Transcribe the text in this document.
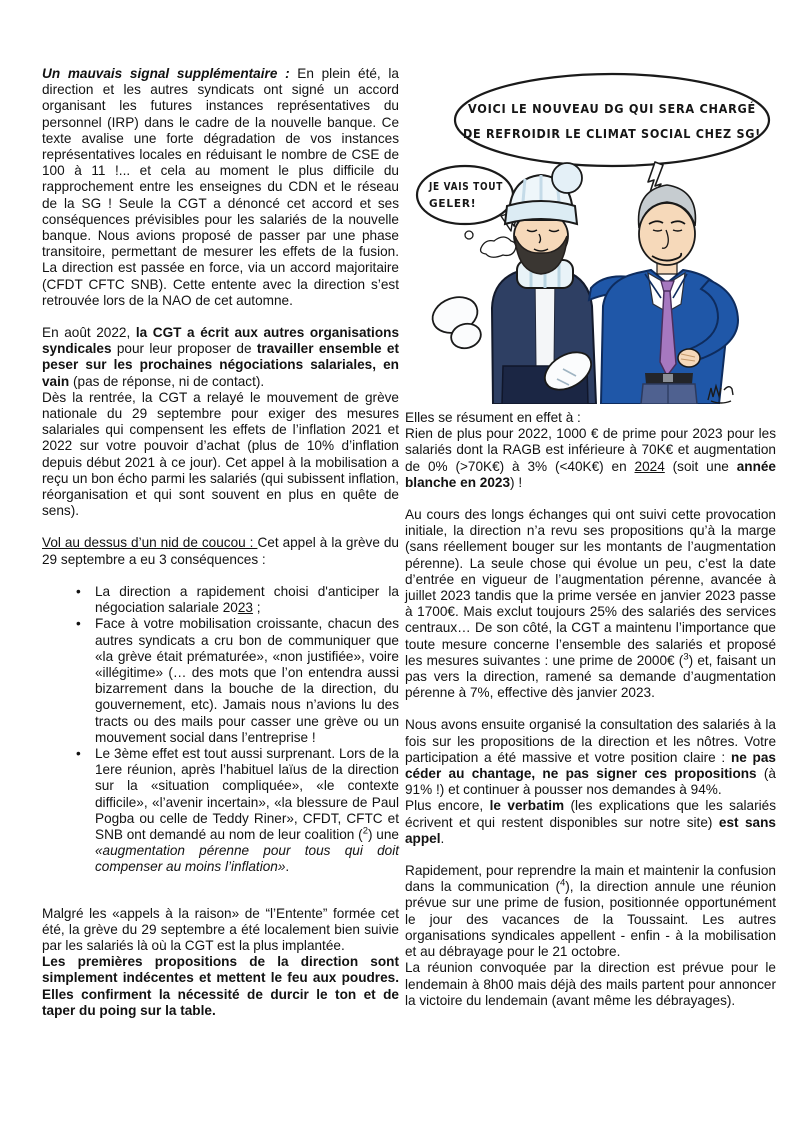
Un mauvais signal supplémentaire : En plein été, la direction et les autres syndicats ont signé un accord organisant les futures instances représentatives du personnel (IRP) dans le cadre de la nouvelle banque. Ce texte avalise une forte dégradation de vos instances représentatives locales en réduisant le nombre de CSE de 100 à 11 !... et cela au moment le plus difficile du rapprochement entre les enseignes du CDN et le réseau de la SG ! Seule la CGT a dénoncé cet accord et ses conséquences prévisibles pour les salariés de la nouvelle banque. Nous avions proposé de passer par une phase transitoire, permettant de mesurer les effets de la fusion. La direction est passée en force, via un accord majoritaire (CFDT CFTC SNB). Cette entente avec la direction s’est retrouvée lors de la NAO de cet automne.

En août 2022, la CGT a écrit aux autres organisations syndicales pour leur proposer de travailler ensemble et peser sur les prochaines négociations salariales, en vain (pas de réponse, ni de contact).
Dès la rentrée, la CGT a relayé le mouvement de grève nationale du 29 septembre pour exiger des mesures salariales qui compensent les effets de l’inflation 2021 et 2022 sur votre pouvoir d’achat (plus de 10% d’inflation depuis début 2021 à ce jour). Cet appel à la mobilisation a reçu un bon écho parmi les salariés (qui subissent inflation, réorganisation et qui sont souvent en plus en quête de sens).

Vol au dessus d’un nid de coucou : Cet appel à la grève du 29 septembre a eu 3 conséquences :

• La direction a rapidement choisi d'anticiper la négociation salariale 2023 ;
• Face à votre mobilisation croissante, chacun des autres syndicats a cru bon de communiquer que «la grève était prématurée», «non justifiée», voire «illégitime» (… des mots que l’on entendra aussi bizarrement dans la bouche de la direction, du gouvernement, etc). Jamais nous n’avions lu des tracts ou des mails pour casser une grève ou un mouvement social dans l’entreprise !
• Le 3ème effet est tout aussi surprenant. Lors de la 1ere réunion, après l’habituel laïus de la direction sur la «situation compliquée», «le contexte difficile», «l’avenir incertain», «la blessure de Paul Pogba ou celle de Teddy Riner», CFDT, CFTC et SNB ont demandé au nom de leur coalition ($^2$) une «augmentation pérenne pour tous qui doit compenser au moins l’inflation».

Malgré les «appels à la raison» de “l’Entente” formée cet été, la grève du 29 septembre a été localement bien suivie par les salariés là où la CGT est la plus implantée.
Les premières propositions de la direction sont simplement indécentes et mettent le feu aux poudres. Elles confirment la nécessité de durcir le ton et de taper du poing sur la table.

VOICI LE NOUVEAU DG QUI SERA CHARGÉ
DE REFROIDIR LE CLIMAT SOCIAL CHEZ SG!
JE VAIS TOUT
GELER!

Elles se résument en effet à :
Rien de plus pour 2022, 1000 € de prime pour 2023 pour les salariés dont la RAGB est inférieure à 70K€ et augmentation de 0% (>70K€) à 3% (<40K€) en 2024 (soit une année blanche en 2023) !

Au cours des longs échanges qui ont suivi cette provocation initiale, la direction n’a revu ses propositions qu’à la marge (sans réellement bouger sur les montants de l’augmentation pérenne). La seule chose qui évolue un peu, c’est la date d’entrée en vigueur de l’augmentation pérenne, avancée à juillet 2023 tandis que la prime versée en janvier 2023 passe à 1700€. Mais exclut toujours 25% des salariés des services centraux… De son côté, la CGT a maintenu l’importance que toute mesure concerne l’ensemble des salariés et proposé les mesures suivantes : une prime de 2000€ ($^3$) et, faisant un pas vers la direction, ramené sa demande d’augmentation pérenne à 7%, effective dès janvier 2023.

Nous avons ensuite organisé la consultation des salariés à la fois sur les propositions de la direction et les nôtres. Votre participation a été massive et votre position claire : ne pas céder au chantage, ne pas signer ces propositions (à 91% !) et continuer à pousser nos demandes à 94%.
Plus encore, le verbatim (les explications que les salariés écrivent et qui restent disponibles sur notre site) est sans appel.

Rapidement, pour reprendre la main et maintenir la confusion dans la communication ($^4$), la direction annule une réunion prévue sur une prime de fusion, positionnée opportunément le jour des vacances de la Toussaint. Les autres organisations syndicales appellent - enfin - à la mobilisation et au débrayage pour le 21 octobre.
La réunion convoquée par la direction est prévue pour le lendemain à 8h00 mais déjà des mails partent pour annoncer la victoire du lendemain (avant même les débrayages).
